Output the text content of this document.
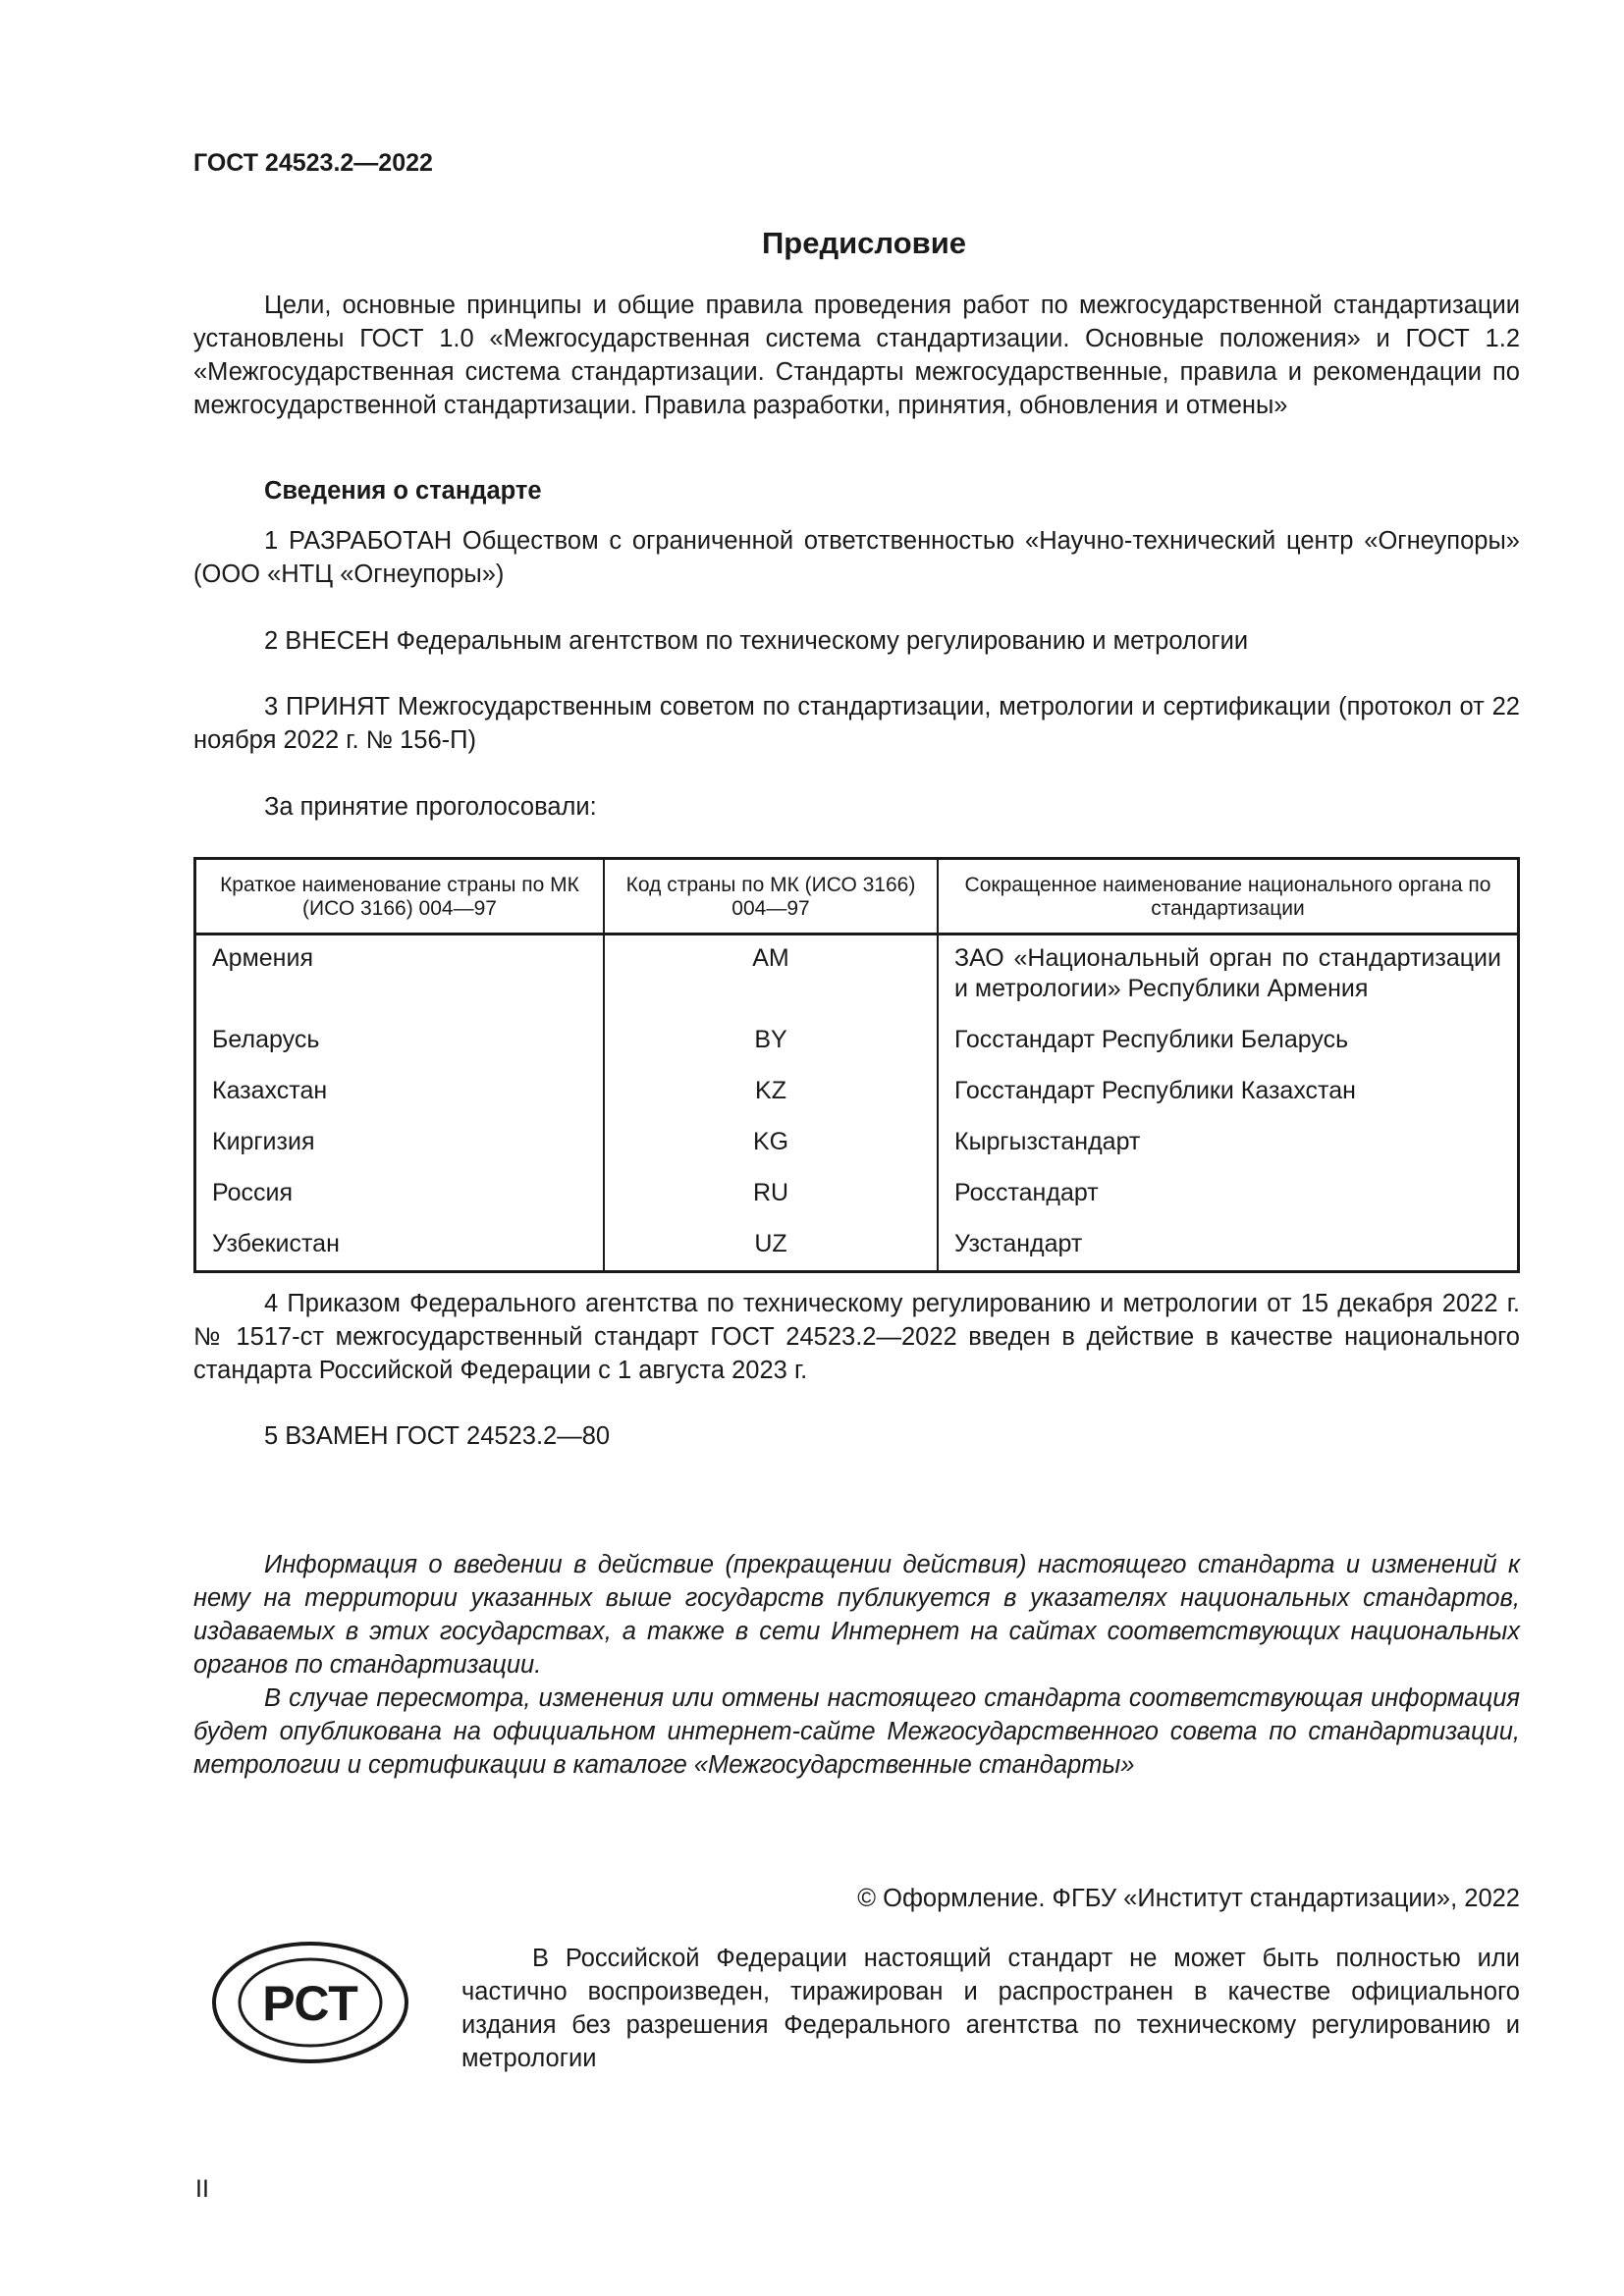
ГОСТ 24523.2—2022
Предисловие

Цели, основные принципы и общие правила проведения работ по межгосударственной стандартизации установлены ГОСТ 1.0 «Межгосударственная система стандартизации. Основные положения» и ГОСТ 1.2 «Межгосударственная система стандартизации. Стандарты межгосударственные, правила и рекомендации по межгосударственной стандартизации. Правила разработки, принятия, обновления и отмены»

Сведения о стандарте

1 РАЗРАБОТАН Обществом с ограниченной ответственностью «Научно-технический центр «Огнеупоры» (ООО «НТЦ «Огнеупоры»)

2 ВНЕСЕН Федеральным агентством по техническому регулированию и метрологии

3 ПРИНЯТ Межгосударственным советом по стандартизации, метрологии и сертификации (протокол от 22 ноября 2022 г. № 156-П)

За принятие проголосовали:

Краткое наименование страны по МК (ИСО 3166) 004—97	Код страны по МК (ИСО 3166) 004—97	Сокращенное наименование национального органа по стандартизации
Армения	AM	ЗАО «Национальный орган по стандартизации и метрологии» Республики Армения
Беларусь	BY	Госстандарт Республики Беларусь
Казахстан	KZ	Госстандарт Республики Казахстан
Киргизия	KG	Кыргызстандарт
Россия	RU	Росстандарт
Узбекистан	UZ	Узстандарт

4 Приказом Федерального агентства по техническому регулированию и метрологии от 15 декабря 2022 г. № 1517-ст межгосударственный стандарт ГОСТ 24523.2—2022 введен в действие в качестве национального стандарта Российской Федерации с 1 августа 2023 г.

5 ВЗАМЕН ГОСТ 24523.2—80

Информация о введении в действие (прекращении действия) настоящего стандарта и изменений к нему на территории указанных выше государств публикуется в указателях национальных стандартов, издаваемых в этих государствах, а также в сети Интернет на сайтах соответствующих национальных органов по стандартизации.

В случае пересмотра, изменения или отмены настоящего стандарта соответствующая информация будет опубликована на официальном интернет-сайте Межгосударственного совета по стандартизации, метрологии и сертификации в каталоге «Межгосударственные стандарты»

© Оформление. ФГБУ «Институт стандартизации», 2022
РСТ

В Российской Федерации настоящий стандарт не может быть полностью или частично воспроизведен, тиражирован и распространен в качестве официального издания без разрешения Федерального агентства по техническому регулированию и метрологии

II
